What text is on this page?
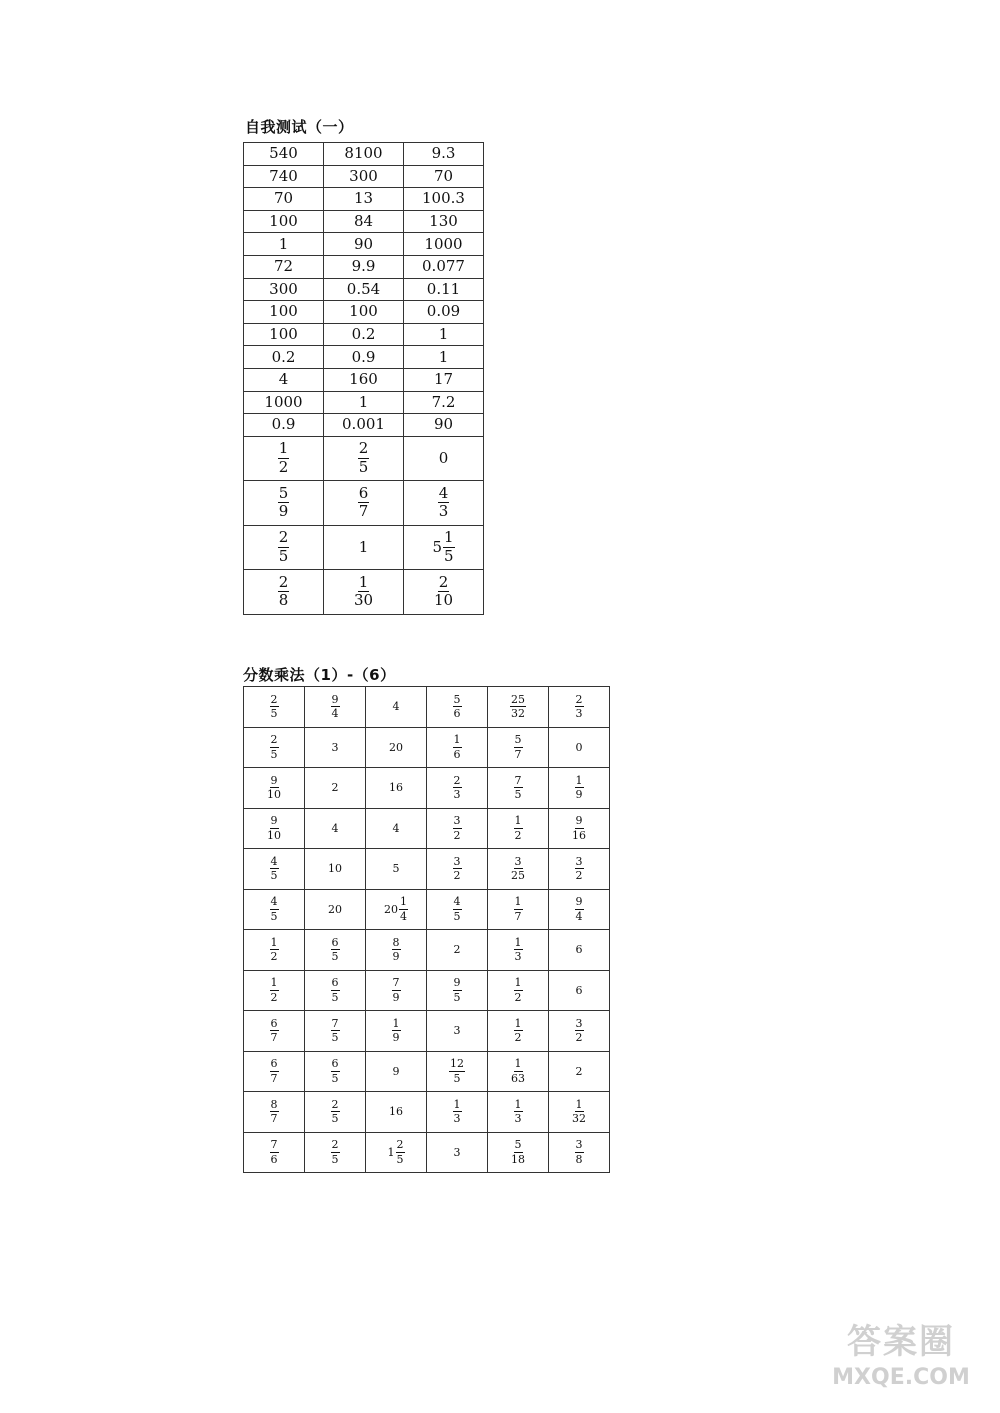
自我测试（一）
540	8100	9.3
740	300	70
70	13	100.3
100	84	130
1	90	1000
72	9.9	0.077
300	0.54	0.11
100	100	0.09
100	0.2	1
0.2	0.9	1
4	160	17
1000	1	7.2
0.9	0.001	90

$\frac{1}{2}$	$\frac{2}{5}$	0

$\frac{5}{9}$	$\frac{6}{7}$	$\frac{4}{3}$

$\frac{2}{5}$	1	$5 \frac{1}{5}$

$\frac{2}{8}$	$\frac{1}{30}$	$\frac{2}{10}$
分数乘法（1）-（6）
$\frac{2}{5}$	$\frac{9}{4}$	4	$\frac{5}{6}$	$\frac{25}{32}$	$\frac{2}{3}$

$\frac{2}{5}$	3	20	$\frac{1}{6}$	$\frac{5}{7}$	0

$\frac{9}{10}$	2	16	$\frac{2}{3}$	$\frac{7}{5}$	$\frac{1}{9}$

$\frac{9}{10}$	4	4	$\frac{3}{2}$	$\frac{1}{2}$	$\frac{9}{16}$

$\frac{4}{5}$	10	5	$\frac{3}{2}$	$\frac{3}{25}$	$\frac{3}{2}$

$\frac{4}{5}$	20	$20 \frac{1}{4}$	$\frac{4}{5}$	$\frac{1}{7}$	$\frac{9}{4}$

$\frac{1}{2}$	$\frac{6}{5}$	$\frac{8}{9}$	2	$\frac{1}{3}$	6

$\frac{1}{2}$	$\frac{6}{5}$	$\frac{7}{9}$	$\frac{9}{5}$	$\frac{1}{2}$	6

$\frac{6}{7}$	$\frac{7}{5}$	$\frac{1}{9}$	3	$\frac{1}{2}$	$\frac{3}{2}$

$\frac{6}{7}$	$\frac{6}{5}$	9	$\frac{12}{5}$	$\frac{1}{63}$	2

$\frac{8}{7}$	$\frac{2}{5}$	16	$\frac{1}{3}$	$\frac{1}{3}$	$\frac{1}{32}$

$\frac{7}{6}$	$\frac{2}{5}$	$1 \frac{2}{5}$	3	$\frac{5}{18}$	$\frac{3}{8}$
答案圈
MXQE.COM
